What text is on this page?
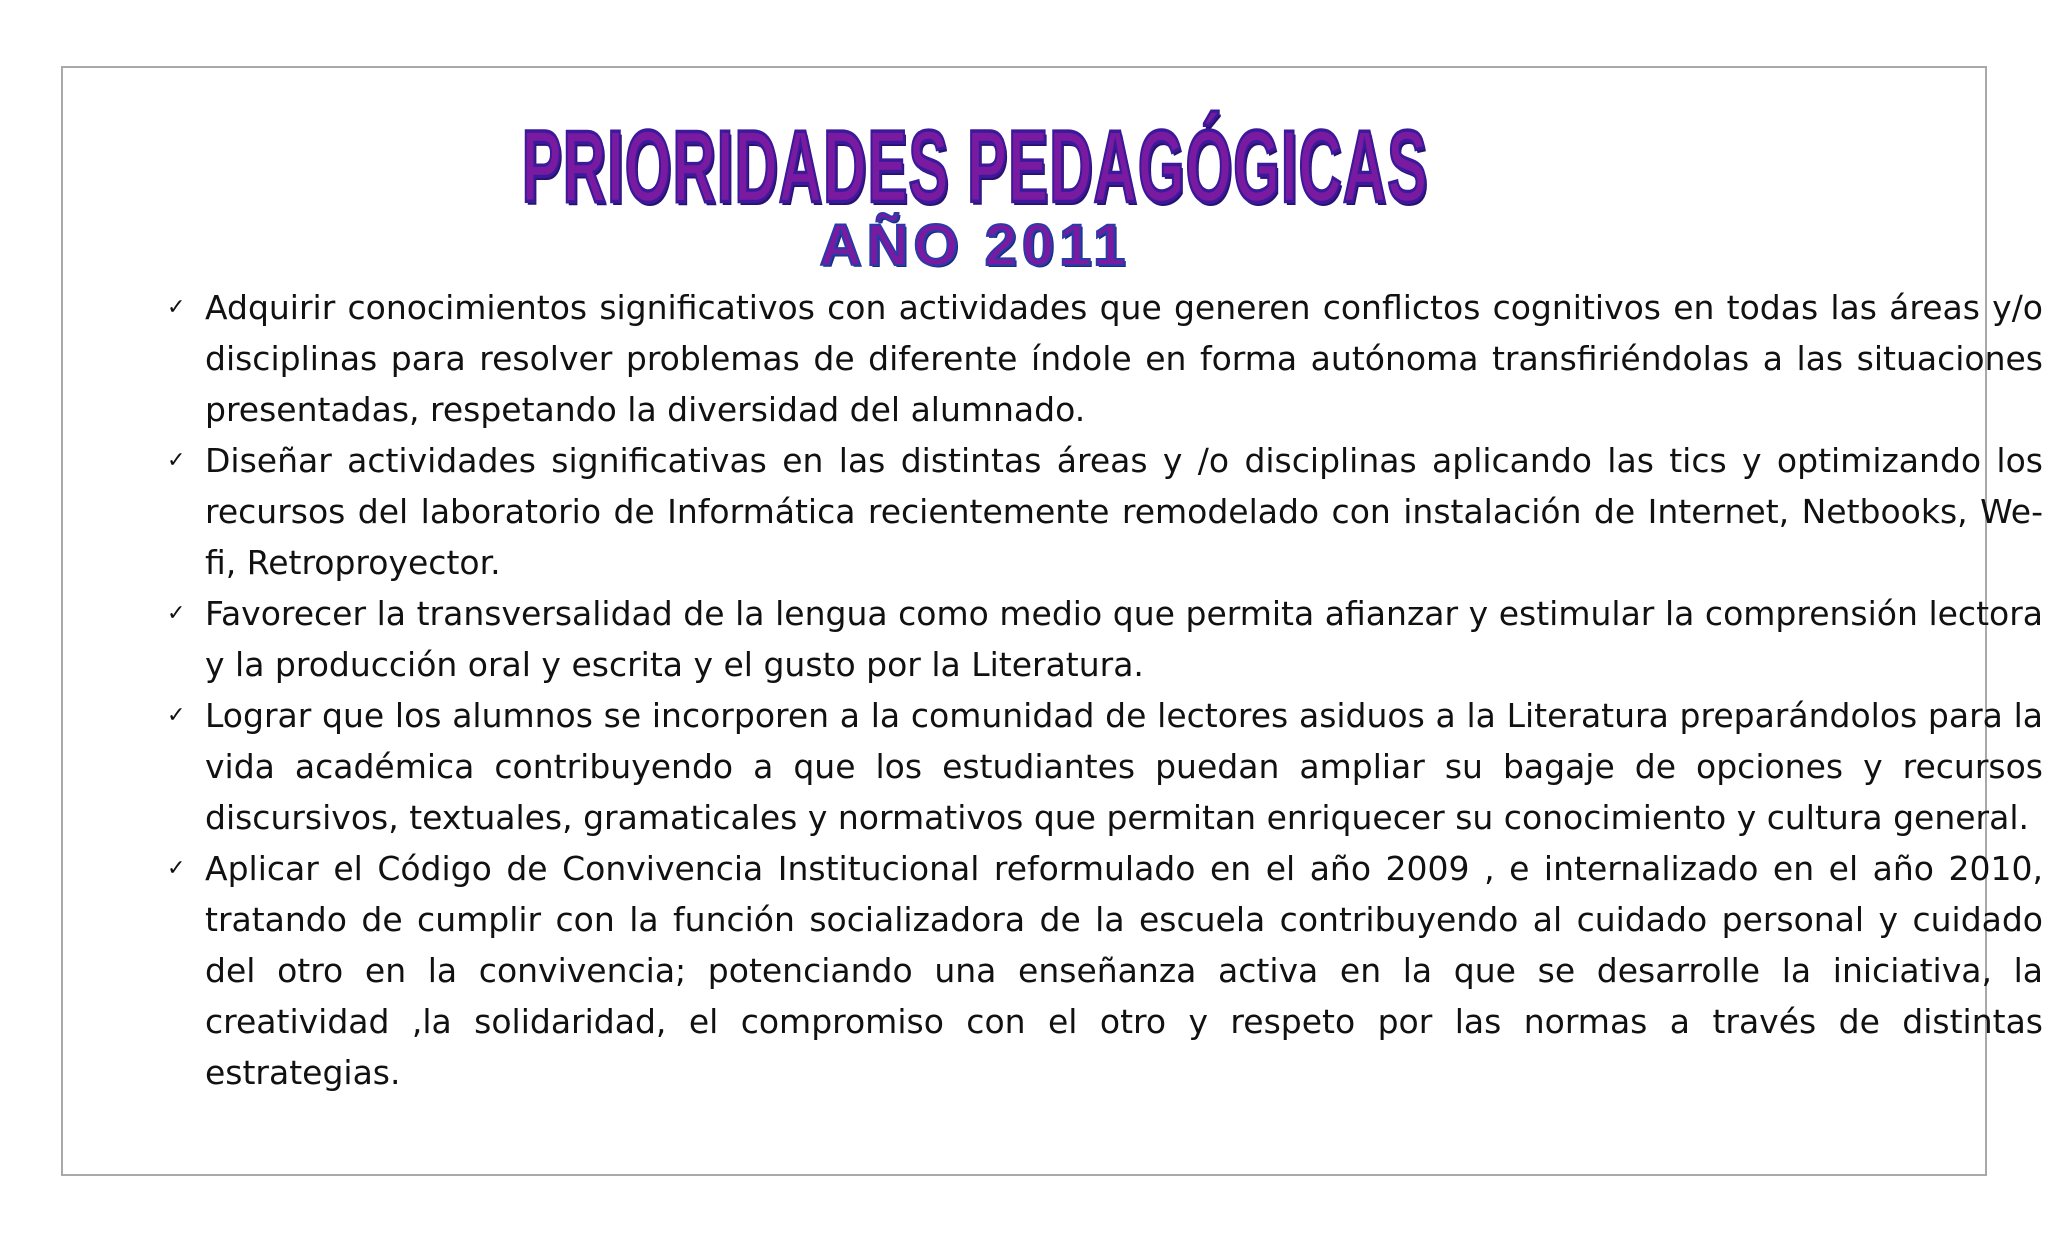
PRIORIDADES PEDAGÓGICAS
AÑO 2011
✓ Adquirir conocimientos significativos con actividades que generen conflictos cognitivos en todas las áreas y/o disciplinas para resolver problemas de diferente índole en forma autónoma transfiriéndolas a las situaciones presentadas, respetando la diversidad del alumnado.
✓ Diseñar actividades significativas en las distintas áreas y /o disciplinas aplicando las tics y optimizando los recursos del laboratorio de Informática recientemente remodelado con instalación de Internet, Netbooks, We-fi, Retroproyector.
✓ Favorecer la transversalidad de la lengua como medio que permita afianzar y estimular la comprensión lectora y la producción oral y escrita y el gusto por la Literatura.
✓ Lograr que los alumnos se incorporen a la comunidad de lectores asiduos a la Literatura preparándolos para la vida académica contribuyendo a que los estudiantes puedan ampliar su bagaje de opciones y recursos discursivos, textuales, gramaticales y normativos que permitan enriquecer su conocimiento y cultura general.
✓ Aplicar el Código de Convivencia Institucional reformulado en el año 2009 , e internalizado en el año 2010, tratando de cumplir con la función socializadora de la escuela contribuyendo al cuidado personal y cuidado del otro en la convivencia; potenciando una enseñanza activa en la que se desarrolle la iniciativa, la creatividad ,la solidaridad, el compromiso con el otro y respeto por las normas a través de distintas estrategias.
